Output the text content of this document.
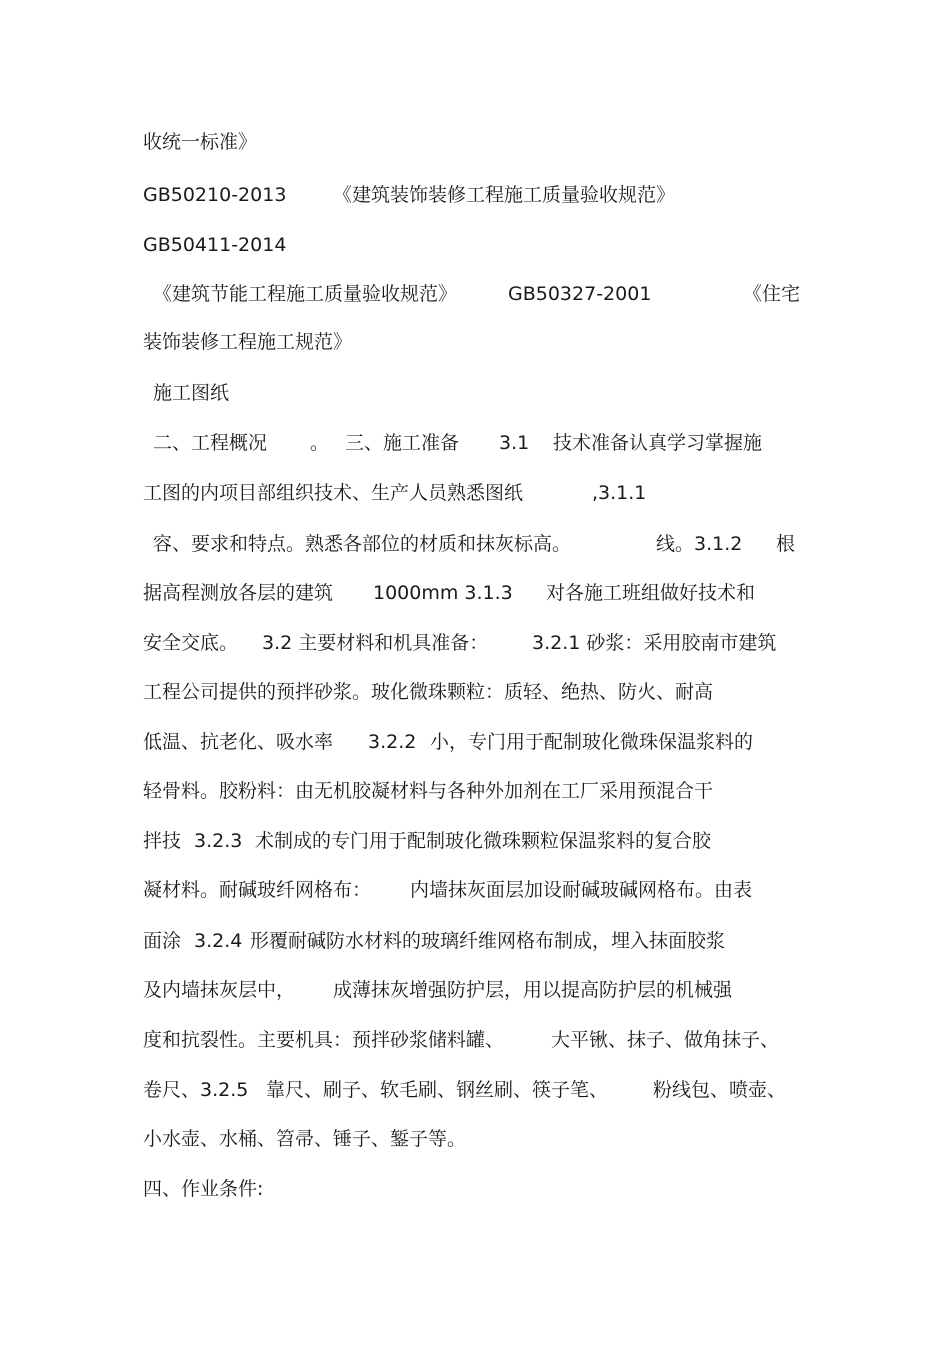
收统一标准》

GB50210-2013 《建筑装饰装修工程施工质量验收规范》

GB50411-2014

《建筑节能工程施工质量验收规范》	GB50327-2001	《住宅

装饰装修工程施工规范》

施工图纸

二、工程概况 。 三、施工准备 3.1 技术准备认真学习掌握施

工图的内项目部组织技术、生产人员熟悉图纸	,3.1.1

容、要求和特点。熟悉各部位的材质和抹灰标高。	线。3.1.2 根

据高程测放各层的建筑 1000mm 3.1.3 对各施工班组做好技术和

安全交底。 3.2 主要材料和机具准备： 3.2.1 砂浆：采用胶南市建筑

工程公司提供的预拌砂浆。玻化微珠颗粒：质轻、绝热、防火、耐高

低温、抗老化、吸水率 3.2.2 小，专门用于配制玻化微珠保温浆料的

轻骨料。胶粉料：由无机胶凝材料与各种外加剂在工厂采用预混合干

拌技 3.2.3 术制成的专门用于配制玻化微珠颗粒保温浆料的复合胶

凝材料。耐碱玻纤网格布： 内墙抹灰面层加设耐碱玻碱网格布。由表

面涂 3.2.4 形覆耐碱防水材料的玻璃纤维网格布制成，埋入抹面胶浆

及内墙抹灰层中， 成薄抹灰增强防护层，用以提高防护层的机械强

度和抗裂性。主要机具：预拌砂浆储料罐、 大平锹、抹子、做角抹子、

卷尺、3.2.5 靠尺、刷子、软毛刷、钢丝刷、筷子笔、 粉线包、喷壶、

小水壶、水桶、笤帚、锤子、錾子等。

四、作业条件:
